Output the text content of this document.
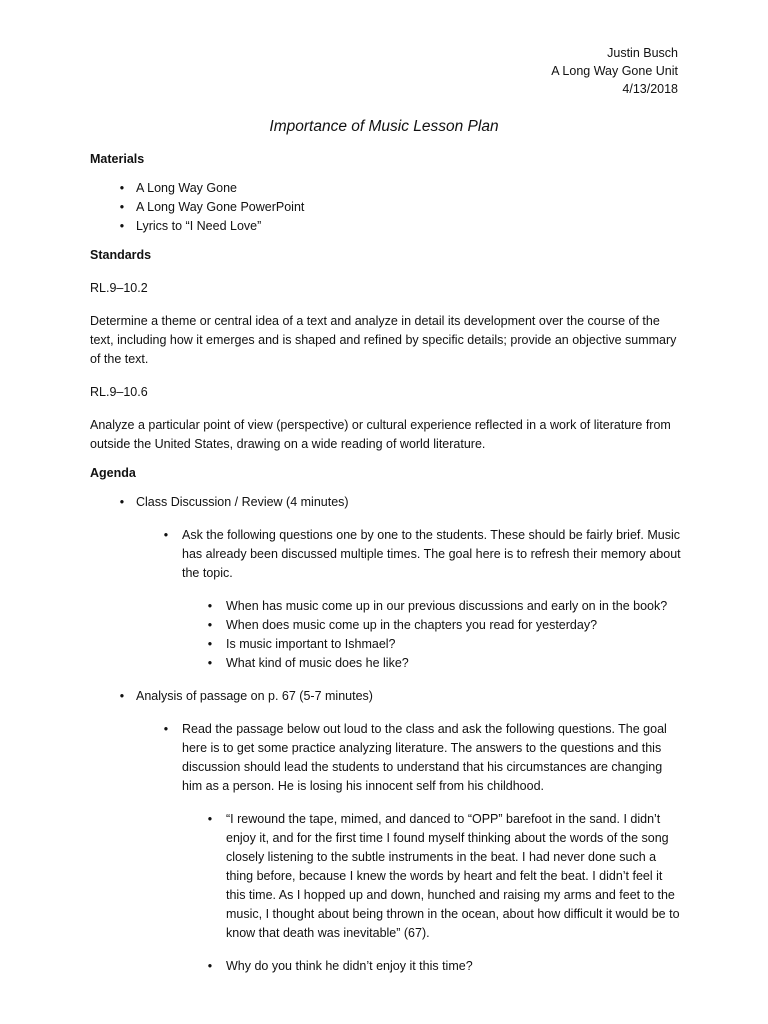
Justin Busch
A Long Way Gone Unit
4/13/2018
Importance of Music Lesson Plan

Materials

• A Long Way Gone
• A Long Way Gone PowerPoint
• Lyrics to “I Need Love”

Standards

RL.9–10.2

Determine a theme or central idea of a text and analyze in detail its development over the course of the text, including how it emerges and is shaped and refined by specific details; provide an objective summary of the text.

RL.9–10.6

Analyze a particular point of view (perspective) or cultural experience reflected in a work of literature from outside the United States, drawing on a wide reading of world literature.

Agenda

• Class Discussion / Review (4 minutes)
•	Ask the following questions one by one to the students. These should be fairly brief. Music has already been discussed multiple times. The goal here is to refresh their memory about the topic.
•	When has music come up in our previous discussions and early on in the book?
•	When does music come up in the chapters you read for yesterday?
•	Is music important to Ishmael?
•	What kind of music does he like?
• Analysis of passage on p. 67 (5-7 minutes)
•	Read the passage below out loud to the class and ask the following questions. The goal here is to get some practice analyzing literature. The answers to the questions and this discussion should lead the students to understand that his circumstances are changing him as a person. He is losing his innocent self from his childhood.
•	“I rewound the tape, mimed, and danced to “OPP” barefoot in the sand. I didn’t enjoy it, and for the first time I found myself thinking about the words of the song closely listening to the subtle instruments in the beat. I had never done such a thing before, because I knew the words by heart and felt the beat. I didn’t feel it this time. As I hopped up and down, hunched and raising my arms and feet to the music, I thought about being thrown in the ocean, about how difficult it would be to know that death was inevitable” (67).
•	Why do you think he didn’t enjoy it this time?
